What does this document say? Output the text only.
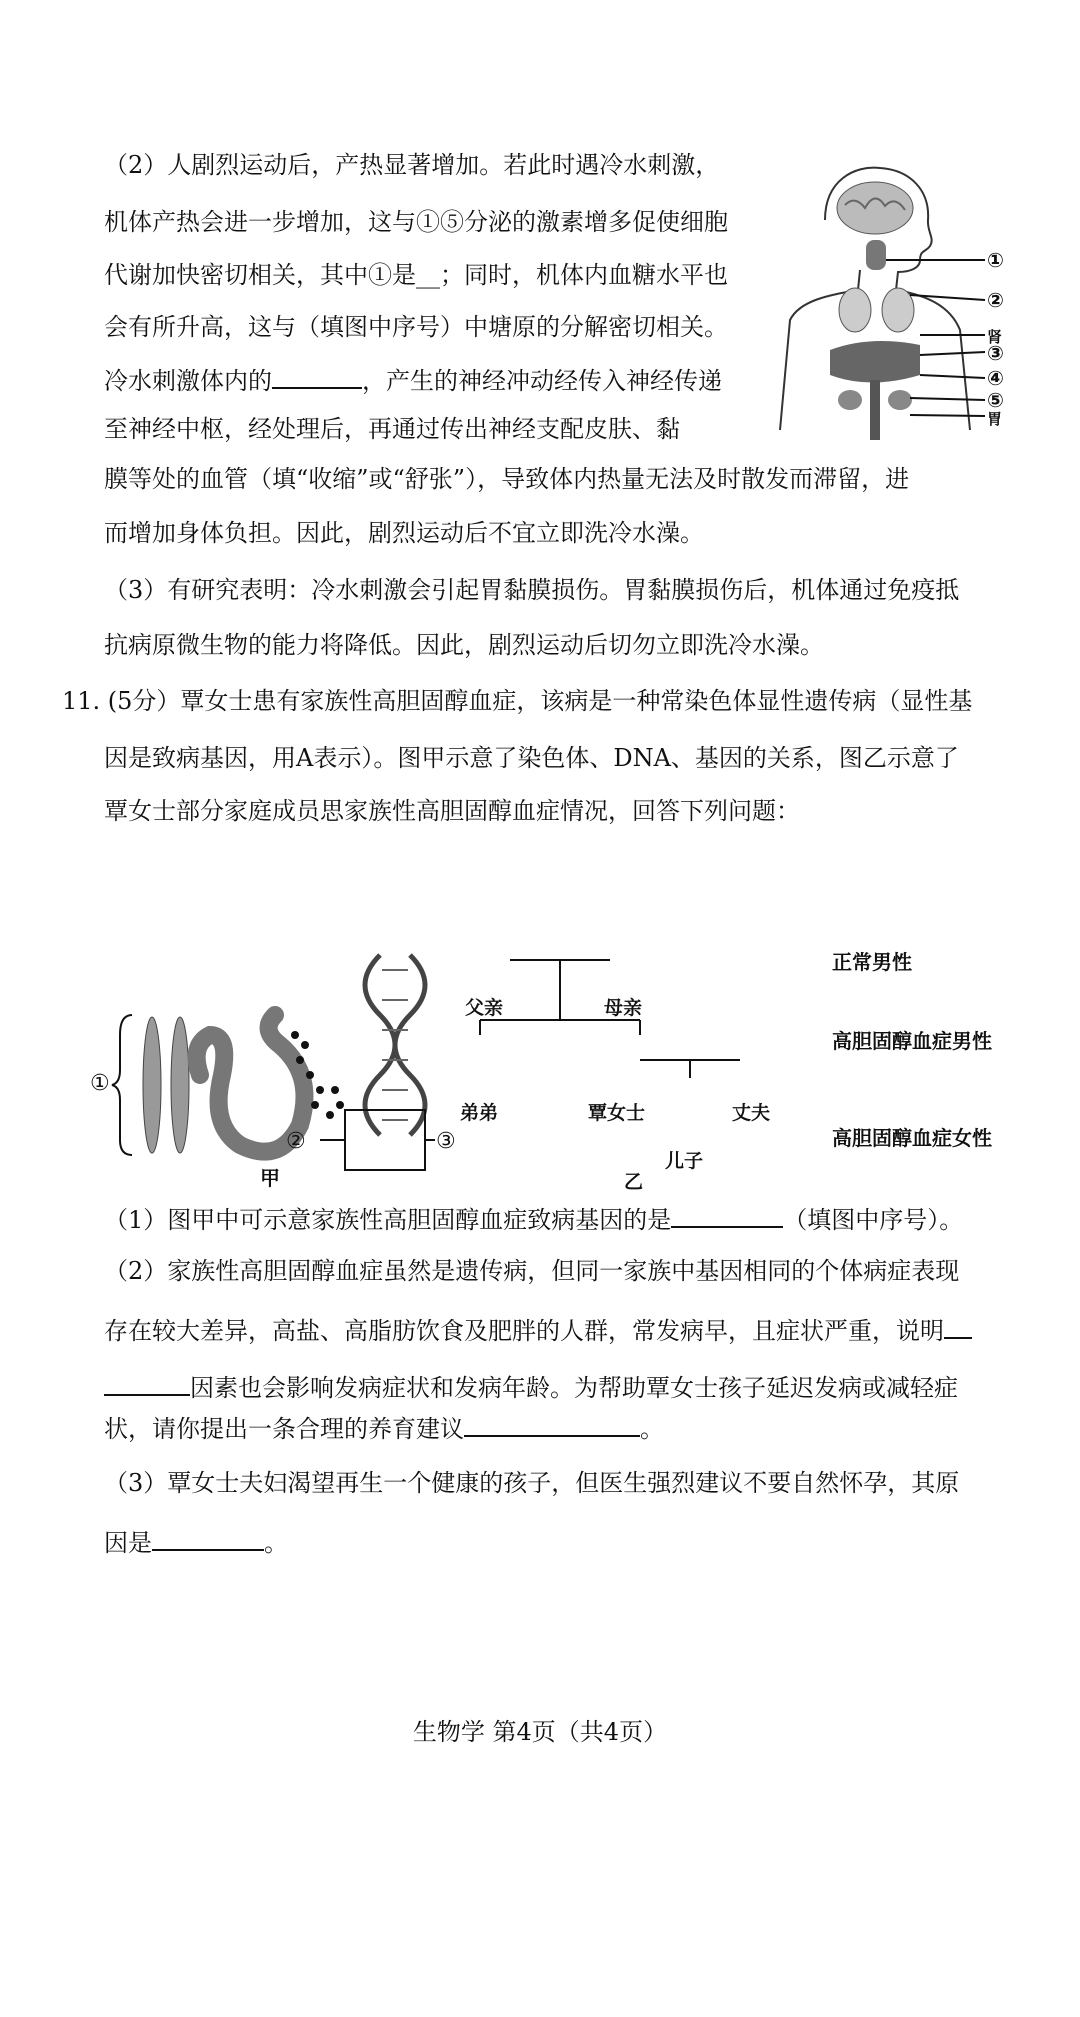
（2）人剧烈运动后，产热显著增加。若此时遇冷水刺激，
机体产热会进一步增加，这与①⑤分泌的激素增多促使细胞
代谢加快密切相关，其中①是__；同时，机体内血糖水平也
会有所升高，这与（填图中序号）中塘原的分解密切相关。
冷水刺激体内的	，产生的神经冲动经传入神经传递
至神经中枢，经处理后，再通过传出神经支配皮肤、黏
膜等处的血管（填“收缩”或“舒张”），导致体内热量无法及时散发而滞留，进
而增加身体负担。因此，剧烈运动后不宜立即洗冷水澡。
（3）有研究表明：冷水刺激会引起胃黏膜损伤。胃黏膜损伤后，机体通过免疫抵
抗病原微生物的能力将降低。因此，剧烈运动后切勿立即洗冷水澡。
①
②
肾
③
④
⑤
胃
11. (5分）覃女士患有家族性高胆固醇血症，该病是一种常染色体显性遗传病（显性基
因是致病基因，用A表示）。图甲示意了染色体、DNA、基因的关系，图乙示意了
覃女士部分家庭成员思家族性高胆固醇血症情况，回答下列问题：
①
②	③
甲
父亲	母亲
弟弟	覃女士	丈夫
儿子
乙
正常男性
高胆固醇血症男性
高胆固醇血症女性
（1）图甲中可示意家族性高胆固醇血症致病基因的是	（填图中序号）。
（2）家族性高胆固醇血症虽然是遗传病，但同一家族中基因相同的个体病症表现
存在较大差异，高盐、高脂肪饮食及肥胖的人群，常发病早，且症状严重，说明
因素也会影响发病症状和发病年龄。为帮助覃女士孩子延迟发病或减轻症
状，请你提出一条合理的养育建议	。
（3）覃女士夫妇渴望再生一个健康的孩子，但医生强烈建议不要自然怀孕，其原
因是	。
生物学 第4页（共4页）
